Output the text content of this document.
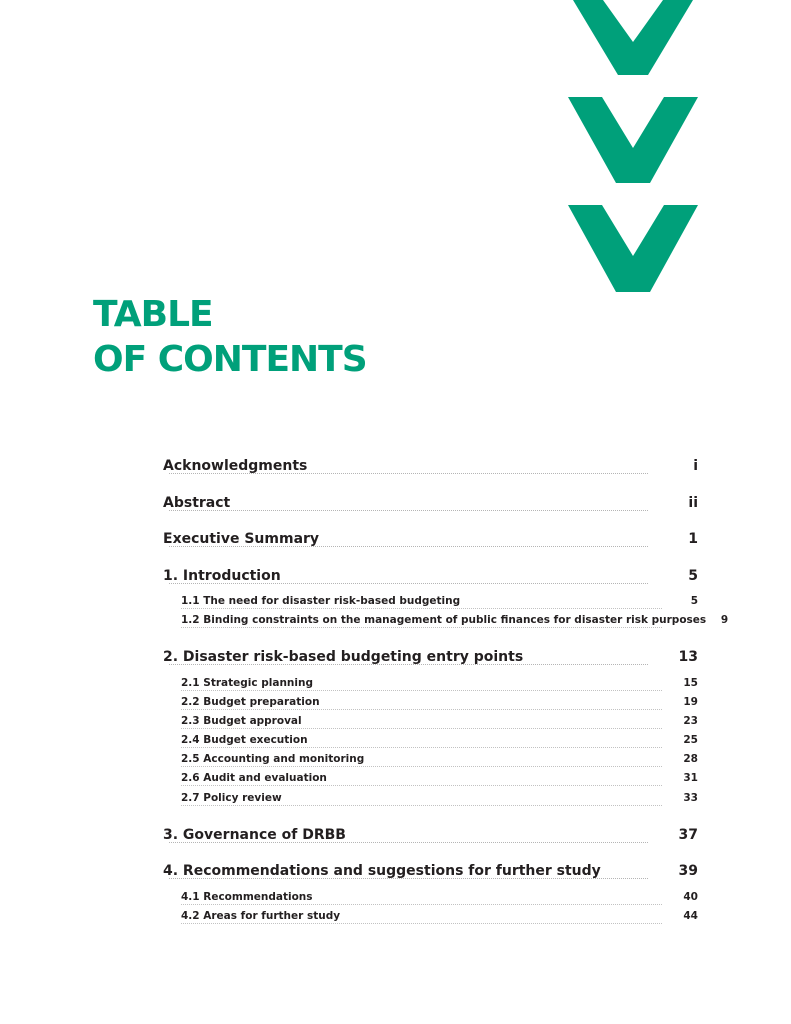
TABLE
OF CONTENTS
Acknowledgments	i
Abstract	ii
Executive Summary	1
1. Introduction	5
1.1 The need for disaster risk-based budgeting	5
1.2 Binding constraints on the management of public finances for disaster risk purposes	9
2. Disaster risk-based budgeting entry points	13
2.1 Strategic planning	15
2.2 Budget preparation	19
2.3 Budget approval	23
2.4 Budget execution	25
2.5 Accounting and monitoring	28
2.6 Audit and evaluation	31
2.7 Policy review	33
3. Governance of DRBB	37
4. Recommendations and suggestions for further study	39
4.1 Recommendations	40
4.2 Areas for further study	44
